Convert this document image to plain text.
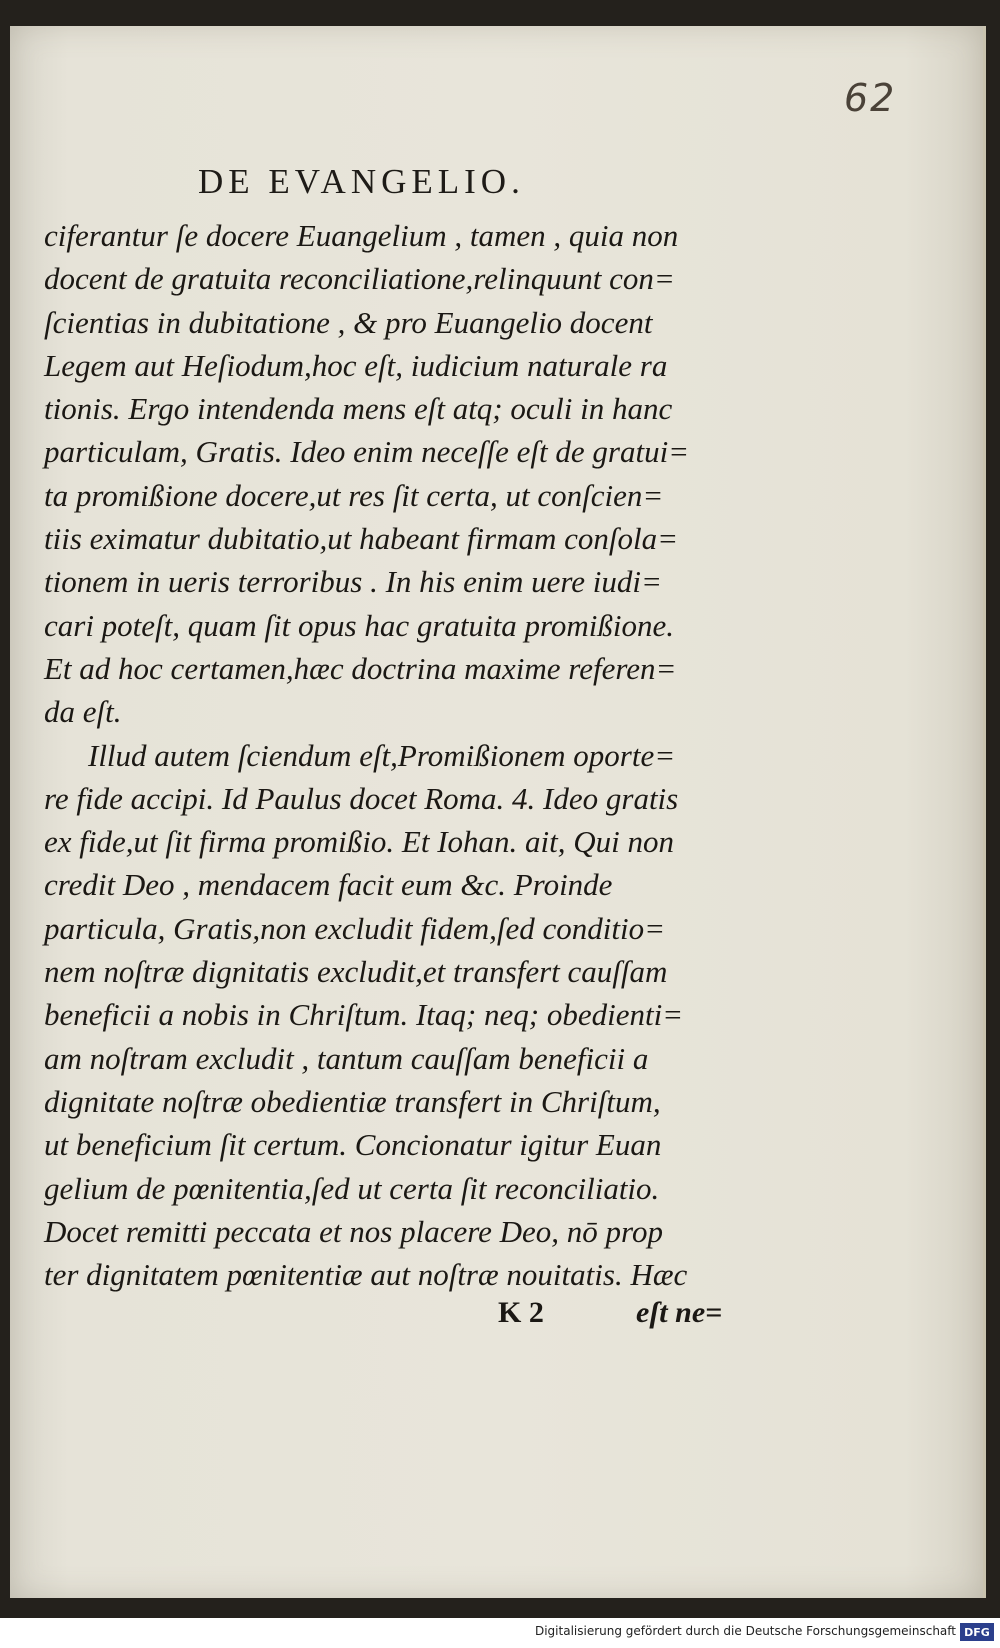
62
DE EVANGELIO.
ciferantur ſe docere Euangelium , tamen , quia non
docent de gratuita reconciliatione,relinquunt con=
ſcientias in dubitatione , & pro Euangelio docent
Legem aut Heſiodum,hoc eſt, iudicium naturale ra
tionis. Ergo intendenda mens eſt atq; oculi in hanc
particulam, Gratis. Ideo enim neceſſe eſt de gratui=
ta promißione docere,ut res ſit certa, ut conſcien=
tiis eximatur dubitatio,ut habeant firmam conſola=
tionem in ueris terroribus . In his enim uere iudi=
cari poteſt, quam ſit opus hac gratuita promißione.
Et ad hoc certamen,hæc doctrina maxime referen=
da eſt.
Illud autem ſciendum eſt,Promißionem oporte=
re fide accipi. Id Paulus docet Roma. 4. Ideo gratis
ex fide,ut ſit firma promißio. Et Iohan. ait, Qui non
credit Deo , mendacem facit eum &c. Proinde
particula, Gratis,non excludit fidem,ſed conditio=
nem noſtræ dignitatis excludit,et transfert cauſſam
beneficii a nobis in Chriſtum. Itaq; neq; obedienti=
am noſtram excludit , tantum cauſſam beneficii a
dignitate noſtræ obedientiæ transfert in Chriſtum,
ut beneficium ſit certum. Concionatur igitur Euan
gelium de pœnitentia,ſed ut certa ſit reconciliatio.
Docet remitti peccata et nos placere Deo, nō prop
ter dignitatem pœnitentiæ aut noſtræ nouitatis. Hæc
K 2	eſt ne=
Digitalisierung gefördert durch die Deutsche Forschungsgemeinschaft DFG
